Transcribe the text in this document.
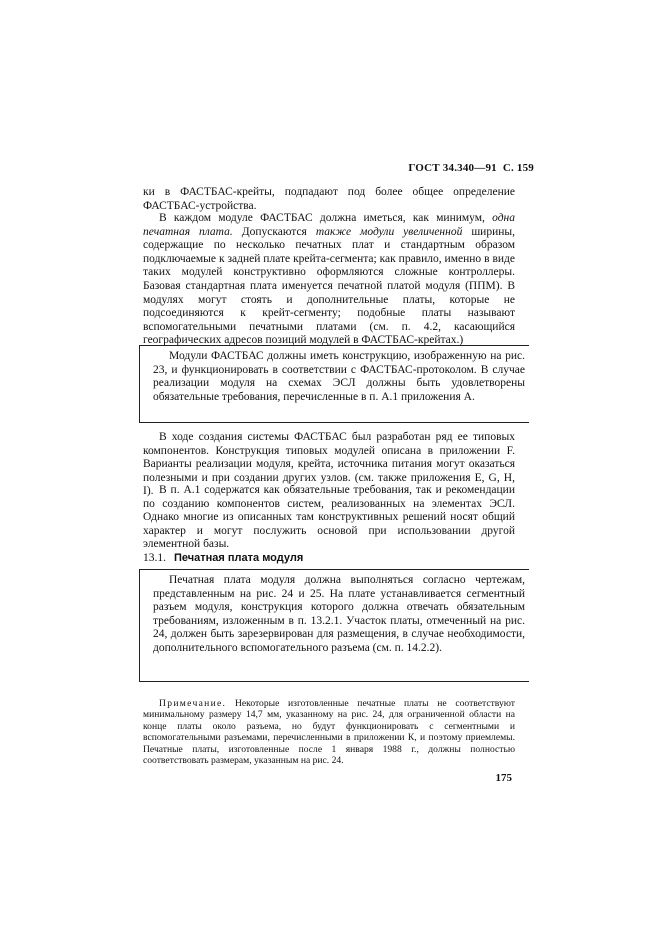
ГОСТ 34.340—91 С. 159

ки в ФАСТБАС-крейты, подпадают под более общее определение ФАСТБАС-устройства.

В каждом модуле ФАСТБАС должна иметься, как минимум, одна печатная плата. Допускаются также модули увеличенной ширины, содержащие по несколько печатных плат и стандартным образом подключаемые к задней плате крейта-сегмента; как правило, именно в виде таких модулей конструктивно оформляются сложные контроллеры. Базовая стандартная плата именуется печатной платой модуля (ППМ). В модулях могут стоять и дополнительные платы, которые не подсоединяются к крейт-сегменту; подобные платы называют вспомогательными печатными платами (см. п. 4.2, касающийся географических адресов позиций модулей в ФАСТБАС-крейтах.)

Модули ФАСТБАС должны иметь конструкцию, изображенную на рис. 23, и функционировать в соответствии с ФАСТБАС-протоколом. В случае реализации модуля на схемах ЭСЛ должны быть удовлетворены обязательные требования, перечисленные в п. А.1 приложения А.

В ходе создания системы ФАСТБАС был разработан ряд ее типовых компонентов. Конструкция типовых модулей описана в приложении F. Варианты реализации модуля, крейта, источника питания могут оказаться полезными и при создании других узлов. (см. также приложения E, G, H, I). В п. А.1 содержатся как обязательные требования, так и рекомендации по созданию компонентов систем, реализованных на элементах ЭСЛ. Однако многие из описанных там конструктивных решений носят общий характер и могут послужить основой при использовании другой элементной базы.

13.1. Печатная плата модуля

Печатная плата модуля должна выполняться согласно чертежам, представленным на рис. 24 и 25. На плате устанавливается сегментный разъем модуля, конструкция которого должна отвечать обязательным требованиям, изложенным в п. 13.2.1. Участок платы, отмеченный на рис. 24, должен быть зарезервирован для размещения, в случае необходимости, дополнительного вспомогательного разъема (см. п. 14.2.2).

Примечание. Некоторые изготовленные печатные платы не соответствуют минимальному размеру 14,7 мм, указанному на рис. 24, для ограниченной области на конце платы около разъема, но будут функционировать с сегментными и вспомогательными разъемами, перечисленными в приложении К, и поэтому приемлемы. Печатные платы, изготовленные после 1 января 1988 г., должны полностью соответствовать размерам, указанным на рис. 24.

175
